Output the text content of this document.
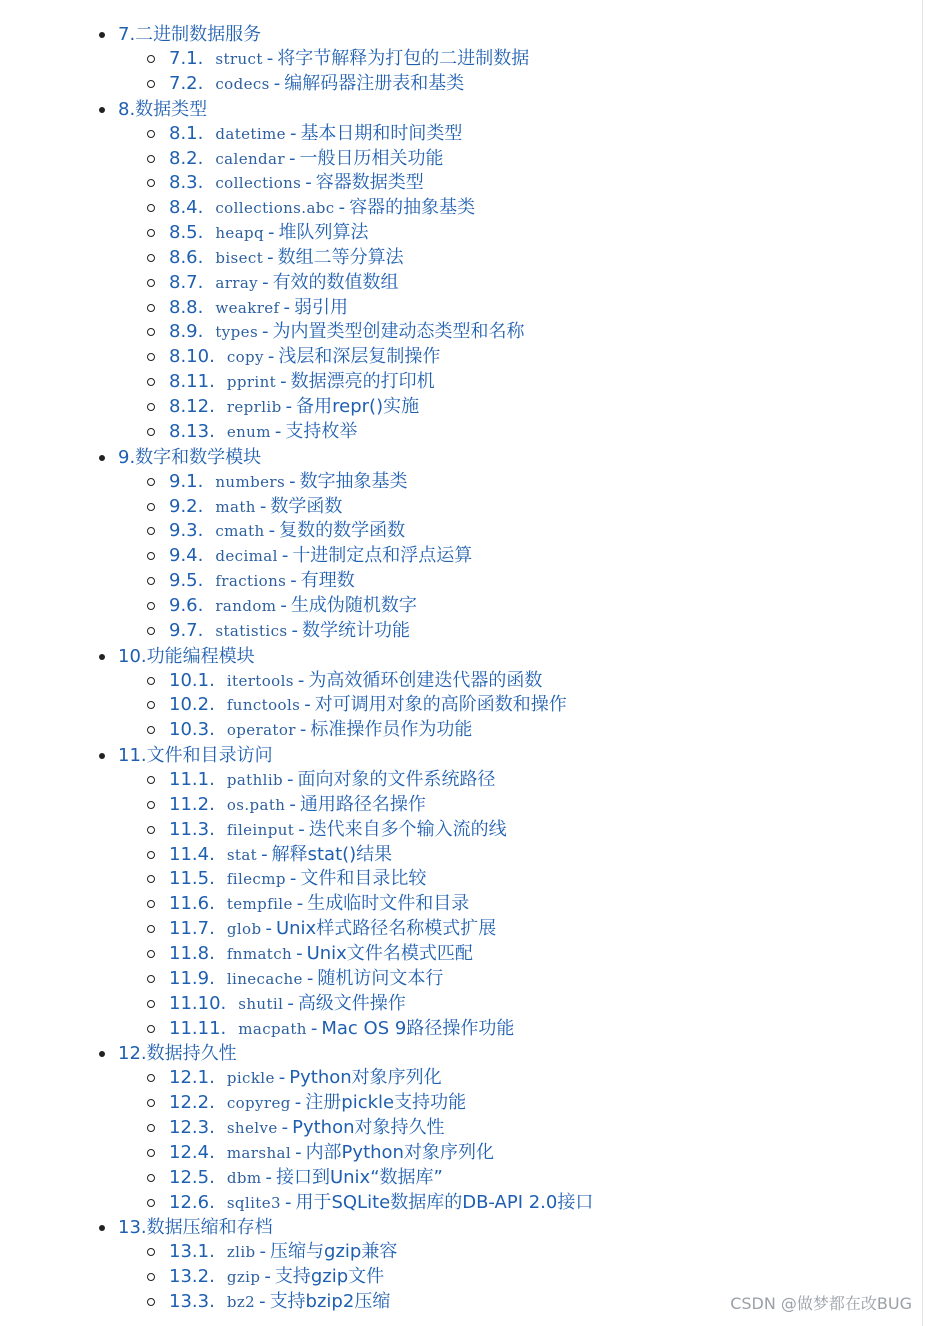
7.二进制数据服务
7.1. struct - 将字节解释为打包的二进制数据
7.2. codecs - 编解码器注册表和基类
8.数据类型
8.1. datetime - 基本日期和时间类型
8.2. calendar - 一般日历相关功能
8.3. collections - 容器数据类型
8.4. collections.abc - 容器的抽象基类
8.5. heapq - 堆队列算法
8.6. bisect - 数组二等分算法
8.7. array - 有效的数值数组
8.8. weakref - 弱引用
8.9. types - 为内置类型创建动态类型和名称
8.10. copy - 浅层和深层复制操作
8.11. pprint - 数据漂亮的打印机
8.12. reprlib - 备用repr()实施
8.13. enum - 支持枚举
9.数字和数学模块
9.1. numbers - 数字抽象基类
9.2. math - 数学函数
9.3. cmath - 复数的数学函数
9.4. decimal - 十进制定点和浮点运算
9.5. fractions - 有理数
9.6. random - 生成伪随机数字
9.7. statistics - 数学统计功能
10.功能编程模块
10.1. itertools - 为高效循环创建迭代器的函数
10.2. functools - 对可调用对象的高阶函数和操作
10.3. operator - 标准操作员作为功能
11.文件和目录访问
11.1. pathlib - 面向对象的文件系统路径
11.2. os.path - 通用路径名操作
11.3. fileinput - 迭代来自多个输入流的线
11.4. stat - 解释stat()结果
11.5. filecmp - 文件和目录比较
11.6. tempfile - 生成临时文件和目录
11.7. glob - Unix样式路径名称模式扩展
11.8. fnmatch - Unix文件名模式匹配
11.9. linecache - 随机访问文本行
11.10. shutil - 高级文件操作
11.11. macpath - Mac OS 9路径操作功能
12.数据持久性
12.1. pickle - Python对象序列化
12.2. copyreg - 注册pickle支持功能
12.3. shelve - Python对象持久性
12.4. marshal - 内部Python对象序列化
12.5. dbm - 接口到Unix“数据库”
12.6. sqlite3 - 用于SQLite数据库的DB-API 2.0接口
13.数据压缩和存档
13.1. zlib - 压缩与gzip兼容
13.2. gzip - 支持gzip文件
13.3. bz2 - 支持bzip2压缩	CSDN @做梦都在改BUG
